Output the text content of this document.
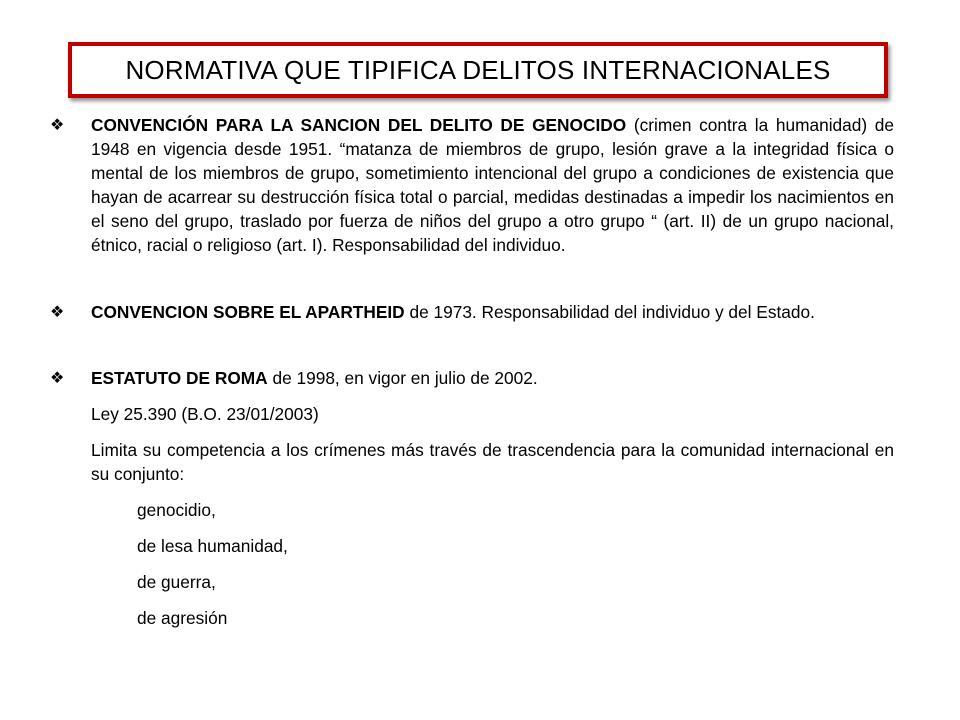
NORMATIVA QUE TIPIFICA DELITOS INTERNACIONALES
❖ CONVENCIÓN PARA LA SANCION DEL DELITO DE GENOCIDO (crimen contra la humanidad) de 1948 en vigencia desde 1951. “matanza de miembros de grupo, lesión grave a la integridad física o mental de los miembros de grupo, sometimiento intencional del grupo a condiciones de existencia que hayan de acarrear su destrucción física total o parcial, medidas destinadas a impedir los nacimientos en el seno del grupo, traslado por fuerza de niños del grupo a otro grupo “ (art. II) de un grupo nacional, étnico, racial o religioso (art. I). Responsabilidad del individuo.
❖ CONVENCION SOBRE EL APARTHEID de 1973. Responsabilidad del individuo y del Estado.
❖ ESTATUTO DE ROMA de 1998, en vigor en julio de 2002.
Ley 25.390 (B.O. 23/01/2003)
Limita su competencia a los crímenes más través de trascendencia para la comunidad internacional en su conjunto:
genocidio,
de lesa humanidad,
de guerra,
de agresión
